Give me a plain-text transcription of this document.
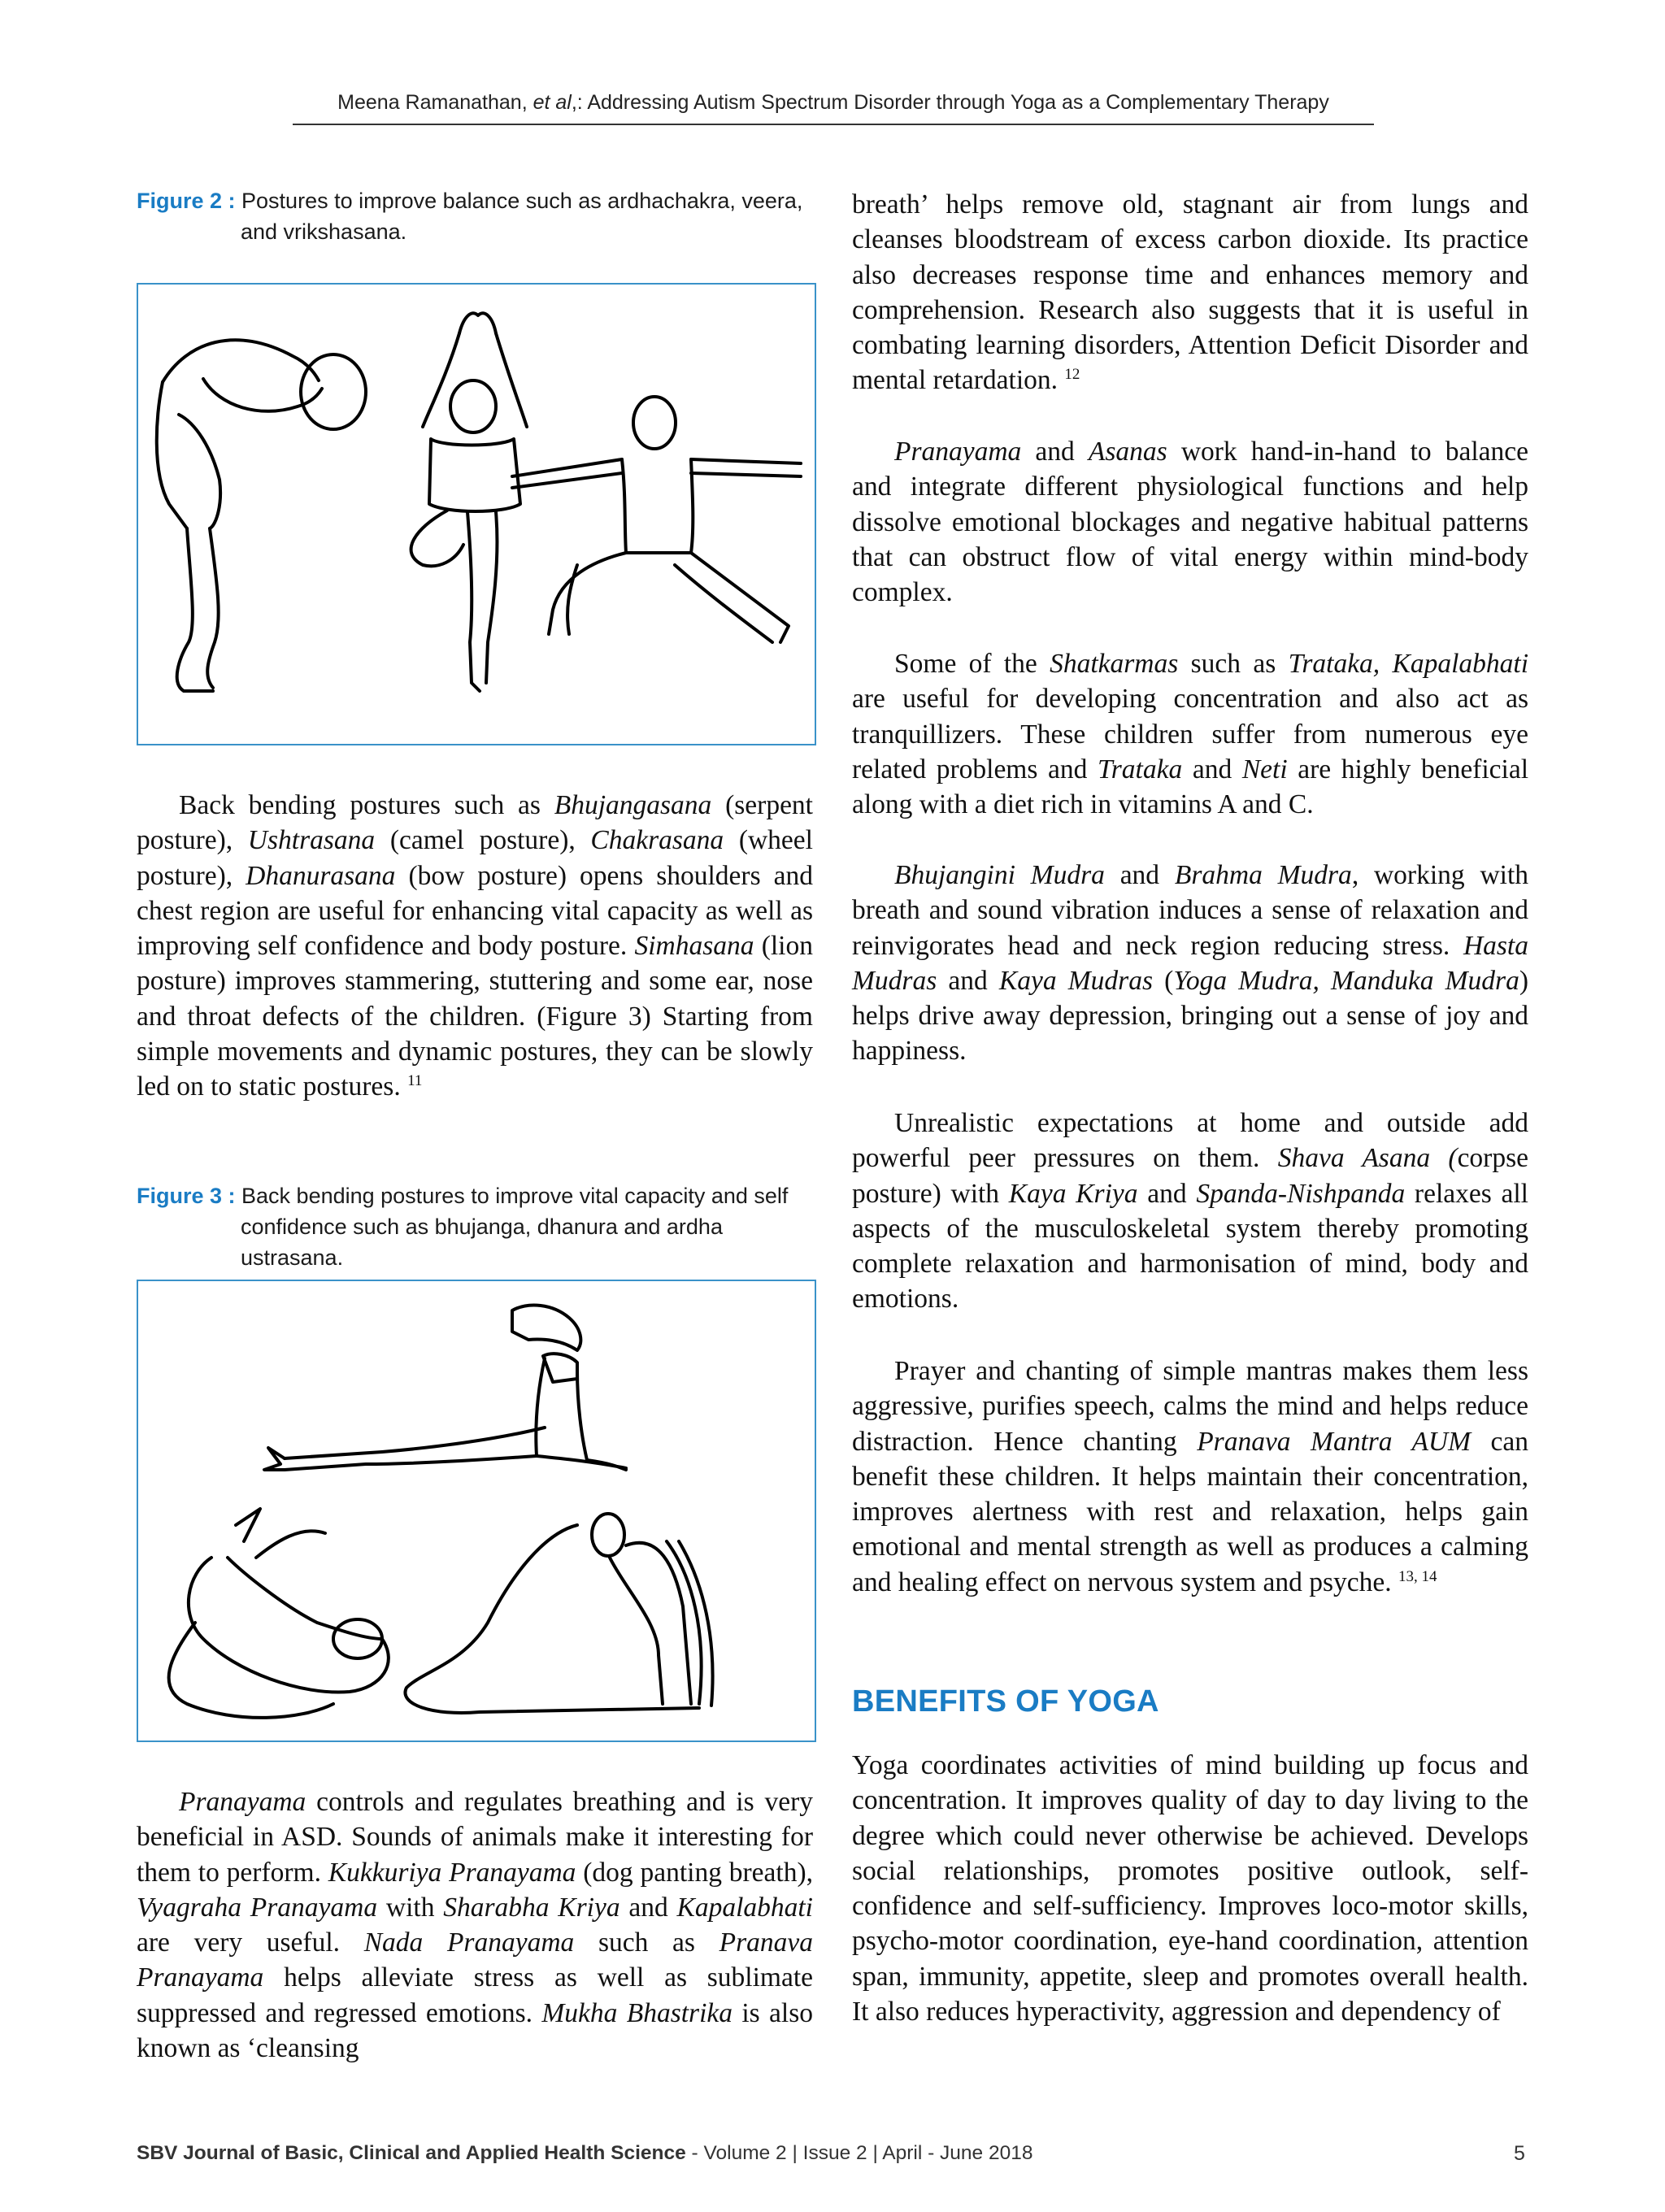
Meena Ramanathan, et al,: Addressing Autism Spectrum Disorder through Yoga as a Complementary Therapy
Figure 2 : Postures to improve balance such as ardhachakra, veera,
and vrikshasana.

Back bending postures such as Bhujangasana (serpent posture), Ushtrasana (camel posture), Chakrasana (wheel posture), Dhanurasana (bow posture) opens shoulders and chest region are useful for enhancing vital capacity as well as improving self confidence and body posture. Simhasana (lion posture) improves stammering, stuttering and some ear, nose and throat defects of the children. (Figure 3) Starting from simple movements and dynamic postures, they can be slowly led on to static postures. $^{11}$

Figure 3 : Back bending postures to improve vital capacity and self
confidence such as bhujanga, dhanura and ardha ustrasana.

Pranayama controls and regulates breathing and is very beneficial in ASD. Sounds of animals make it interesting for them to perform. Kukkuriya Pranayama (dog panting breath), Vyagraha Pranayama with Sharabha Kriya and Kapalabhati are very useful. Nada Pranayama such as Pranava Pranayama helps alleviate stress as well as sublimate suppressed and regressed emotions. Mukha Bhastrika is also known as ‘cleansing

breath’ helps remove old, stagnant air from lungs and cleanses bloodstream of excess carbon dioxide. Its practice also decreases response time and enhances memory and comprehension. Research also suggests that it is useful in combating learning disorders, Attention Deficit Disorder and mental retardation. $^{12}$

Pranayama and Asanas work hand-in-hand to balance and integrate different physiological functions and help dissolve emotional blockages and negative habitual patterns that can obstruct flow of vital energy within mind-body complex.

Some of the Shatkarmas such as Trataka, Kapalabhati are useful for developing concentration and also act as tranquillizers. These children suffer from numerous eye related problems and Trataka and Neti are highly beneficial along with a diet rich in vitamins A and C.

Bhujangini Mudra and Brahma Mudra, working with breath and sound vibration induces a sense of relaxation and reinvigorates head and neck region reducing stress. Hasta Mudras and Kaya Mudras (Yoga Mudra, Manduka Mudra) helps drive away depression, bringing out a sense of joy and happiness.

Unrealistic expectations at home and outside add powerful peer pressures on them. Shava Asana (corpse posture) with Kaya Kriya and Spanda-Nishpanda relaxes all aspects of the musculoskeletal system thereby promoting complete relaxation and harmonisation of mind, body and emotions.

Prayer and chanting of simple mantras makes them less aggressive, purifies speech, calms the mind and helps reduce distraction. Hence chanting Pranava Mantra AUM can benefit these children. It helps maintain their concentration, improves alertness with rest and relaxation, helps gain emotional and mental strength as well as produces a calming and healing effect on nervous system and psyche. $^{13, 14}$

BENEFITS OF YOGA

Yoga coordinates activities of mind building up focus and concentration. It improves quality of day to day living to the degree which could never otherwise be achieved. Develops social relationships, promotes positive outlook, self-confidence and self-sufficiency. Improves loco-motor skills, psycho-motor coordination, eye-hand coordination, attention span, immunity, appetite, sleep and promotes overall health. It also reduces hyperactivity, aggression and dependency of

SBV Journal of Basic, Clinical and Applied Health Science - Volume 2 | Issue 2 | April - June 2018	5
